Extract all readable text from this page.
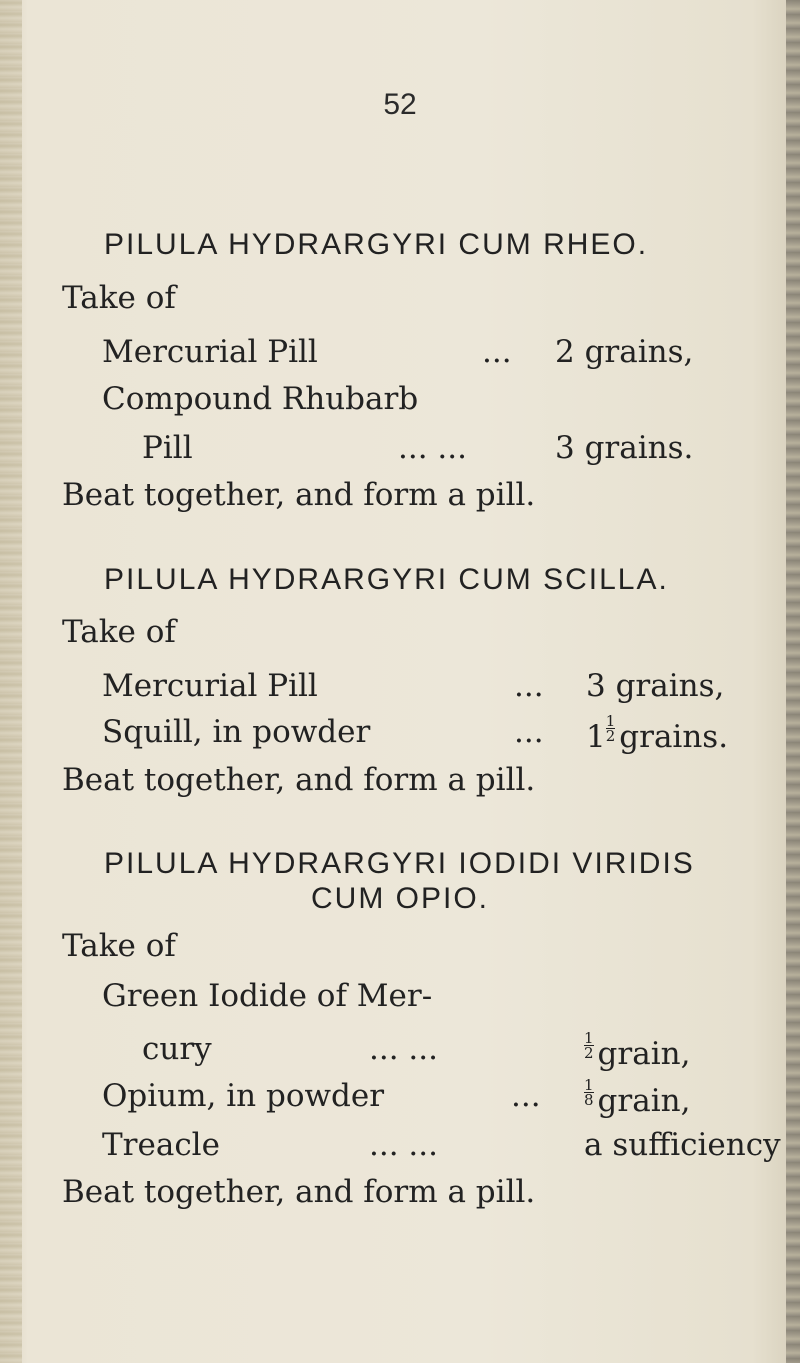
52
PILULA HYDRARGYRI CUM RHEO.
Take of
Mercurial Pill	... 2 grains,
Compound Rhubarb
Pill	... ...	3 grains.
Beat together, and form a pill.
PILULA HYDRARGYRI CUM SCILLA.
Take of
Mercurial Pill	... 3 grains,
Squill, in powder	... $1 \frac{1}{2}$ grains.
Beat together, and form a pill.
PILULA HYDRARGYRI IODIDI VIRIDIS
CUM OPIO.
Take of
Green Iodide of Mer-
cury	... ...	$\frac{1}{2}$ grain,
Opium, in powder	...	$\frac{1}{8}$ grain,
Treacle	... ...	a sufficiency
Beat together, and form a pill.
